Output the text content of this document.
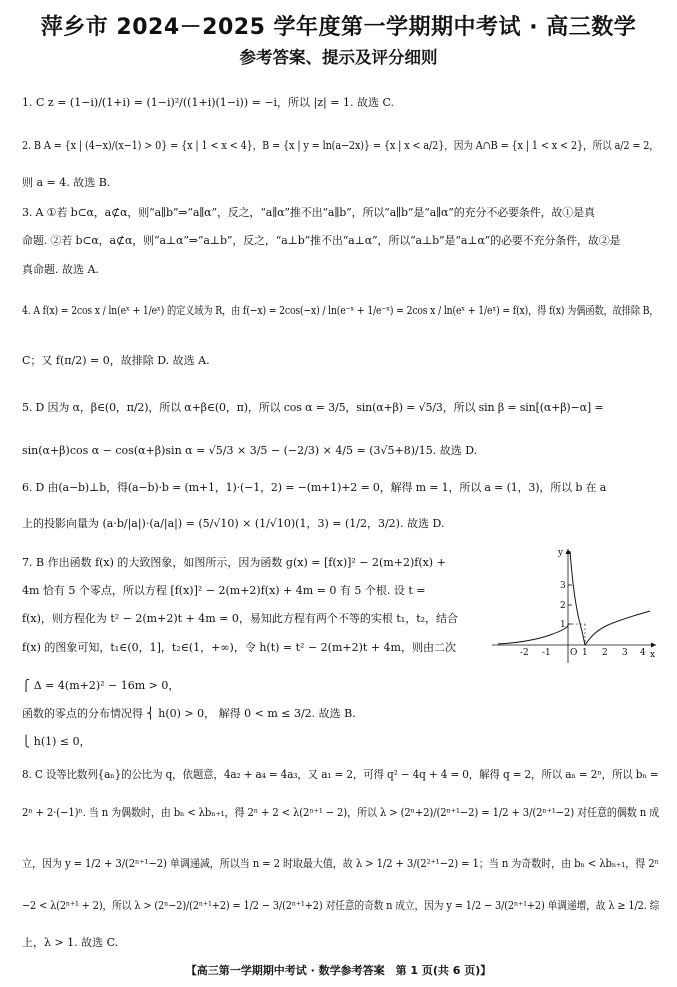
萍乡市 2024－2025 学年度第一学期期中考试 · 高三数学
参考答案、提示及评分细则
1. C z = (1−i)/(1+i) = (1−i)²/((1+i)(1−i)) = −i，所以 |z| = 1. 故选 C.
2. B A = {x | (4−x)/(x−1) > 0} = {x | 1 < x < 4}，B = {x | y = ln(a−2x)} = {x | x < a/2}，因为 A∩B = {x | 1 < x < 2}，所以 a/2 = 2，
则 a = 4. 故选 B.
3. A ①若 b⊂α，a⊄α，则“a∥b”⇒“a∥α”，反之，“a∥α”推不出“a∥b”，所以“a∥b”是“a∥α”的充分不必要条件，故①是真
命题. ②若 b⊂α，a⊄α，则“a⊥α”⇒“a⊥b”，反之，“a⊥b”推不出“a⊥α”，所以“a⊥b”是“a⊥α”的必要不充分条件，故②是
真命题. 故选 A.
4. A f(x) = 2cos x / ln(eˣ + 1/eˣ) 的定义域为 R，由 f(−x) = 2cos(−x) / ln(e⁻ˣ + 1/e⁻ˣ) = 2cos x / ln(eˣ + 1/eˣ) = f(x)，得 f(x) 为偶函数，故排除 B，
C；又 f(π/2) = 0，故排除 D. 故选 A.
5. D 因为 α，β∈(0，π/2)，所以 α+β∈(0，π)，所以 cos α = 3/5，sin(α+β) = √5/3，所以 sin β = sin[(α+β)−α] =
sin(α+β)cos α − cos(α+β)sin α = √5/3 × 3/5 − (−2/3) × 4/5 = (3√5+8)/15. 故选 D.
6. D 由(a−b)⊥b，得(a−b)·b = (m+1，1)·(−1，2) = −(m+1)+2 = 0，解得 m = 1，所以 a = (1，3)，所以 b 在 a
上的投影向量为 (a·b/|a|)·(a/|a|) = (5/√10) × (1/√10)(1，3) = (1/2，3/2). 故选 D.
7. B 作出函数 f(x) 的大致图象，如图所示，因为函数 g(x) = [f(x)]² − 2(m+2)f(x) +
4m 恰有 5 个零点，所以方程 [f(x)]² − 2(m+2)f(x) + 4m = 0 有 5 个根. 设 t =
f(x)，则方程化为 t² − 2(m+2)t + 4m = 0，易知此方程有两个不等的实根 t₁，t₂，结合
f(x) 的图象可知，t₁∈(0，1]，t₂∈(1，+∞)，令 h(t) = t² − 2(m+2)t + 4m，则由二次
⎧ Δ = 4(m+2)² − 16m > 0，
函数的零点的分布情况得 ⎨ h(0) > 0， 解得 0 < m ≤ 3/2. 故选 B.
⎩ h(1) ≤ 0，
y
x
O
1
2
3
-2 -1	1 2 3 4
8. C 设等比数列{aₙ}的公比为 q，依题意，4a₂ + a₄ = 4a₃，又 a₁ = 2，可得 q² − 4q + 4 = 0，解得 q = 2，所以 aₙ = 2ⁿ，所以 bₙ =
2ⁿ + 2·(−1)ⁿ. 当 n 为偶数时，由 bₙ < λbₙ₊₁，得 2ⁿ + 2 < λ(2ⁿ⁺¹ − 2)，所以 λ > (2ⁿ+2)/(2ⁿ⁺¹−2) = 1/2 + 3/(2ⁿ⁺¹−2) 对任意的偶数 n 成
立，因为 y = 1/2 + 3/(2ⁿ⁺¹−2) 单调递减，所以当 n = 2 时取最大值，故 λ > 1/2 + 3/(2²⁺¹−2) = 1；当 n 为奇数时，由 bₙ < λbₙ₊₁，得 2ⁿ
−2 < λ(2ⁿ⁺¹ + 2)，所以 λ > (2ⁿ−2)/(2ⁿ⁺¹+2) = 1/2 − 3/(2ⁿ⁺¹+2) 对任意的奇数 n 成立，因为 y = 1/2 − 3/(2ⁿ⁺¹+2) 单调递增，故 λ ≥ 1/2. 综
上，λ > 1. 故选 C.
【高三第一学期期中考试 · 数学参考答案　第 1 页(共 6 页)】
